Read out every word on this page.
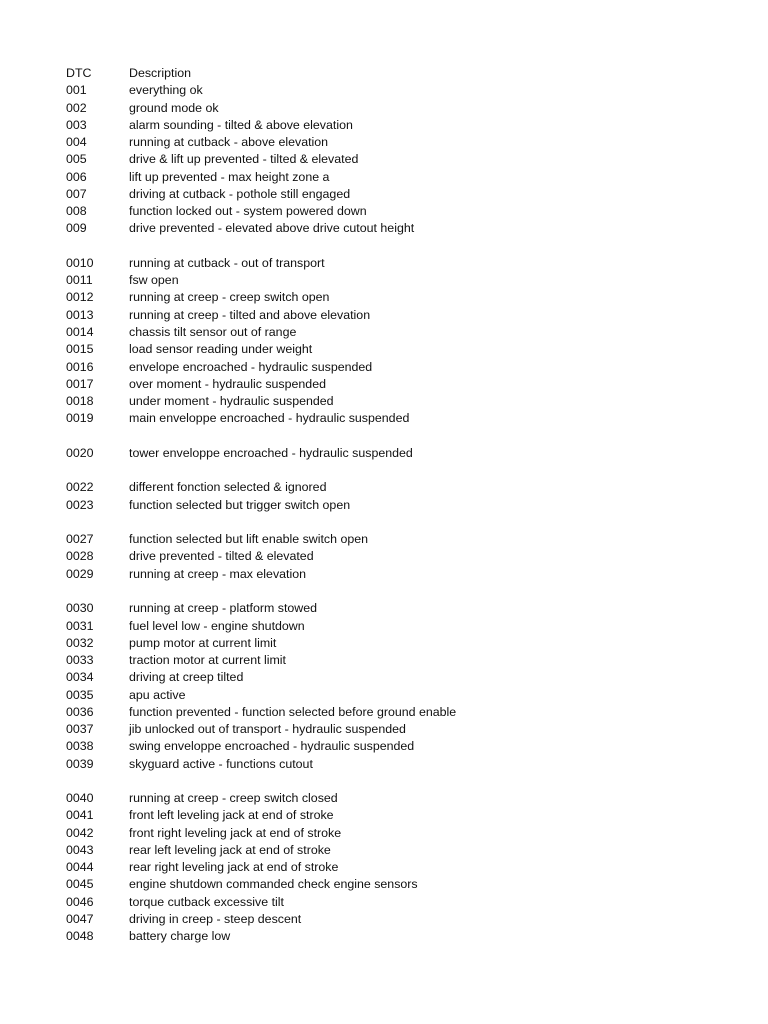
DTC	Description
001	everything ok
002	ground mode ok
003	alarm sounding - tilted & above elevation
004	running at cutback - above elevation
005	drive & lift up prevented - tilted & elevated
006	lift up prevented - max height zone a
007	driving at cutback - pothole still engaged
008	function locked out - system powered down
009	drive prevented - elevated above drive cutout height
0010	running at cutback - out of transport
0011	fsw open
0012	running at creep - creep switch open
0013	running at creep - tilted and above elevation
0014	chassis tilt sensor out of range
0015	load sensor reading under weight
0016	envelope encroached - hydraulic suspended
0017	over moment - hydraulic suspended
0018	under moment - hydraulic suspended
0019	main enveloppe encroached - hydraulic suspended
0020	tower enveloppe encroached - hydraulic suspended
0022	different fonction selected & ignored
0023	function selected but trigger switch open
0027	function selected but lift enable switch open
0028	drive prevented - tilted & elevated
0029	running at creep - max elevation
0030	running at creep - platform stowed
0031	fuel level low - engine shutdown
0032	pump motor at current limit
0033	traction motor at current limit
0034	driving at creep tilted
0035	apu active
0036	function prevented - function selected before ground enable
0037	jib unlocked out of transport - hydraulic suspended
0038	swing enveloppe encroached - hydraulic suspended
0039	skyguard active - functions cutout
0040	running at creep - creep switch closed
0041	front left leveling jack at end of stroke
0042	front right leveling jack at end of stroke
0043	rear left leveling jack at end of stroke
0044	rear right leveling jack at end of stroke
0045	engine shutdown commanded check engine sensors
0046	torque cutback excessive tilt
0047	driving in creep - steep descent
0048	battery charge low
